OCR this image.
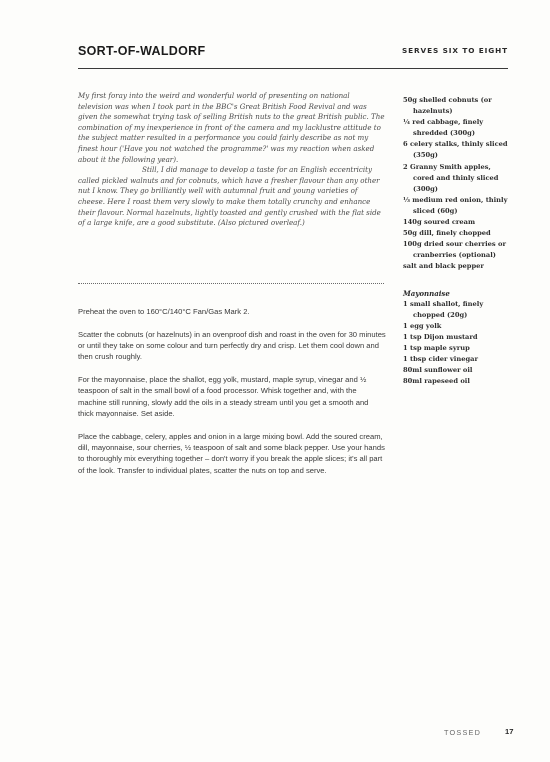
SORT-OF-WALDORF	SERVES SIX TO EIGHT

My first foray into the weird and wonderful world of presenting on national television was when I took part in the BBC's Great British Food Revival and was given the somewhat trying task of selling British nuts to the great British public. The combination of my inexperience in front of the camera and my lacklustre attitude to the subject matter resulted in a performance you could fairly describe as not my finest hour ('Have you not watched the programme?' was my reaction when asked about it the following year).

Still, I did manage to develop a taste for an English eccentricity called pickled walnuts and for cobnuts, which have a fresher flavour than any other nut I know. They go brilliantly well with autumnal fruit and young varieties of cheese. Here I roast them very slowly to make them totally crunchy and enhance their flavour. Normal hazelnuts, lightly toasted and gently crushed with the flat side of a large knife, are a good substitute. (Also pictured overleaf.)

Preheat the oven to 160°C/140°C Fan/Gas Mark 2.

Scatter the cobnuts (or hazelnuts) in an ovenproof dish and roast in the oven for 30 minutes or until they take on some colour and turn perfectly dry and crisp. Let them cool down and then crush roughly.

For the mayonnaise, place the shallot, egg yolk, mustard, maple syrup, vinegar and ½ teaspoon of salt in the small bowl of a food processor. Whisk together and, with the machine still running, slowly add the oils in a steady stream until you get a smooth and thick mayonnaise. Set aside.

Place the cabbage, celery, apples and onion in a large mixing bowl. Add the soured cream, dill, mayonnaise, sour cherries, ½ teaspoon of salt and some black pepper. Use your hands to thoroughly mix everything together – don't worry if you break the apple slices; it's all part of the look. Transfer to individual plates, scatter the nuts on top and serve.

50g shelled cobnuts (or
hazelnuts)
¼ red cabbage, finely
shredded (300g)
6 celery stalks, thinly sliced
(350g)
2 Granny Smith apples,
cored and thinly sliced
(300g)
⅓ medium red onion, thinly
sliced (60g)
140g soured cream
50g dill, finely chopped
100g dried sour cherries or
cranberries (optional)
salt and black pepper
Mayonnaise
1 small shallot, finely
chopped (20g)
1 egg yolk
1 tsp Dijon mustard
1 tsp maple syrup
1 tbsp cider vinegar
80ml sunflower oil
80ml rapeseed oil
TOSSED	17
